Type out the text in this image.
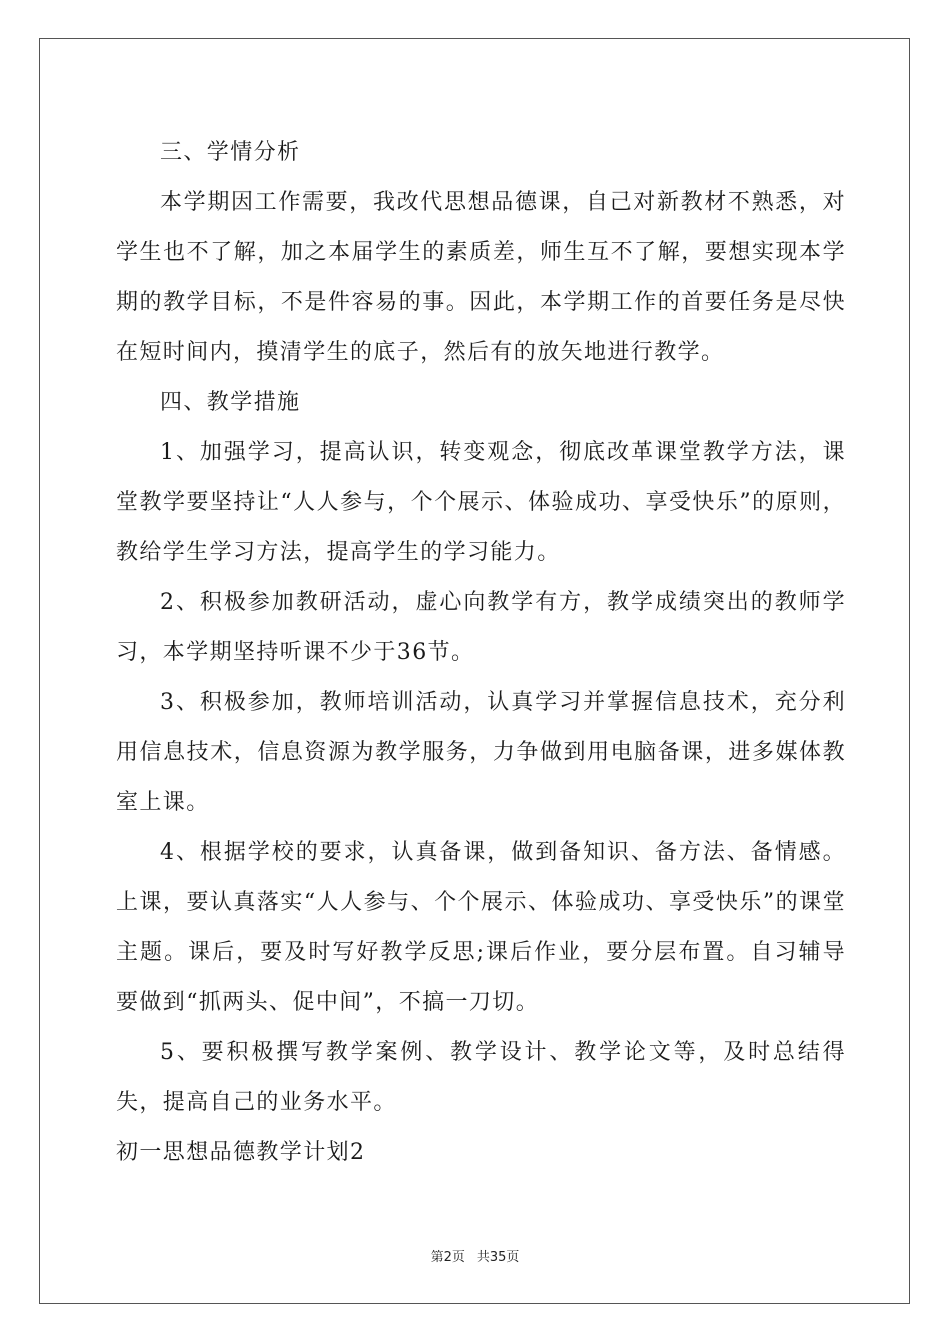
三、学情分析

本学期因工作需要，我改代思想品德课，自己对新教材不熟悉，对学生也不了解，加之本届学生的素质差，师生互不了解，要想实现本学期的教学目标，不是件容易的事。因此，本学期工作的首要任务是尽快在短时间内，摸清学生的底子，然后有的放矢地进行教学。

四、教学措施

1、加强学习，提高认识，转变观念，彻底改革课堂教学方法，课堂教学要坚持让“人人参与，个个展示、体验成功、享受快乐”的原则，教给学生学习方法，提高学生的学习能力。

2、积极参加教研活动，虚心向教学有方，教学成绩突出的教师学习，本学期坚持听课不少于36节。

3、积极参加，教师培训活动，认真学习并掌握信息技术，充分利用信息技术，信息资源为教学服务，力争做到用电脑备课，进多媒体教室上课。

4、根据学校的要求，认真备课，做到备知识、备方法、备情感。上课，要认真落实“人人参与、个个展示、体验成功、享受快乐”的课堂主题。课后，要及时写好教学反思;课后作业，要分层布置。自习辅导要做到“抓两头、促中间”，不搞一刀切。

5、要积极撰写教学案例、教学设计、教学论文等，及时总结得失，提高自己的业务水平。

初一思想品德教学计划2

第2页 共35页
